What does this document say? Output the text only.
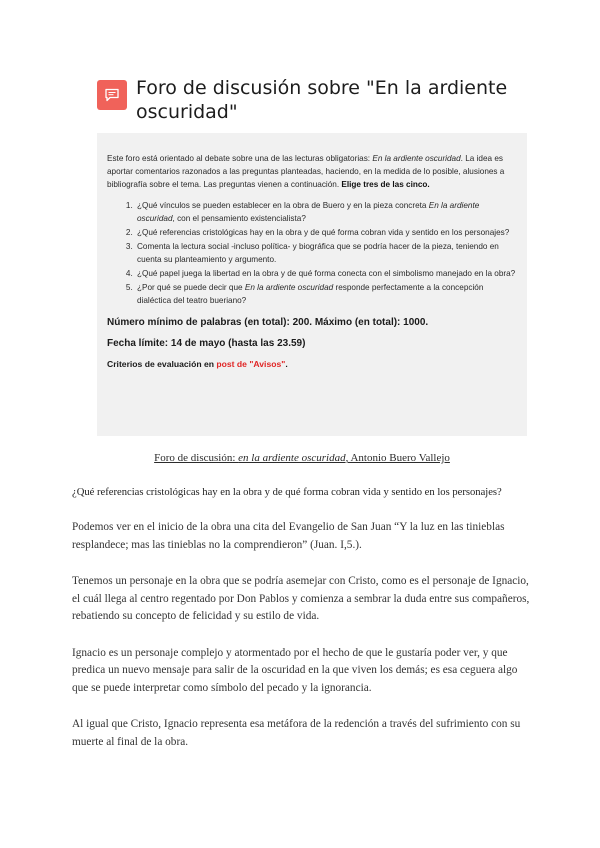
Foro de discusión sobre "En la ardiente oscuridad"

Este foro está orientado al debate sobre una de las lecturas obligatorias: En la ardiente oscuridad. La idea es aportar comentarios razonados a las preguntas planteadas, haciendo, en la medida de lo posible, alusiones a bibliografía sobre el tema. Las preguntas vienen a continuación. Elige tres de las cinco.

1. ¿Qué vínculos se pueden establecer en la obra de Buero y en la pieza concreta En la ardiente oscuridad, con el pensamiento existencialista?
2. ¿Qué referencias cristológicas hay en la obra y de qué forma cobran vida y sentido en los personajes?
3. Comenta la lectura social -incluso política- y biográfica que se podría hacer de la pieza, teniendo en cuenta su planteamiento y argumento.
4. ¿Qué papel juega la libertad en la obra y de qué forma conecta con el simbolismo manejado en la obra?
5. ¿Por qué se puede decir que En la ardiente oscuridad responde perfectamente a la concepción dialéctica del teatro bueriano?

Número mínimo de palabras (en total): 200. Máximo (en total): 1000.

Fecha límite: 14 de mayo (hasta las 23.59)

Criterios de evaluación en post de "Avisos".

Foro de discusión: en la ardiente oscuridad, Antonio Buero Vallejo

¿Qué referencias cristológicas hay en la obra y de qué forma cobran vida y sentido en los personajes?

Podemos ver en el inicio de la obra una cita del Evangelio de San Juan “Y la luz en las tinieblas resplandece; mas las tinieblas no la comprendieron” (Juan. I,5.).

Tenemos un personaje en la obra que se podría asemejar con Cristo, como es el personaje de Ignacio, el cuál llega al centro regentado por Don Pablos y comienza a sembrar la duda entre sus compañeros, rebatiendo su concepto de felicidad y su estilo de vida.

Ignacio es un personaje complejo y atormentado por el hecho de que le gustaría poder ver, y que predica un nuevo mensaje para salir de la oscuridad en la que viven los demás; es esa ceguera algo que se puede interpretar como símbolo del pecado y la ignorancia.

Al igual que Cristo, Ignacio representa esa metáfora de la redención a través del sufrimiento con su muerte al final de la obra.
